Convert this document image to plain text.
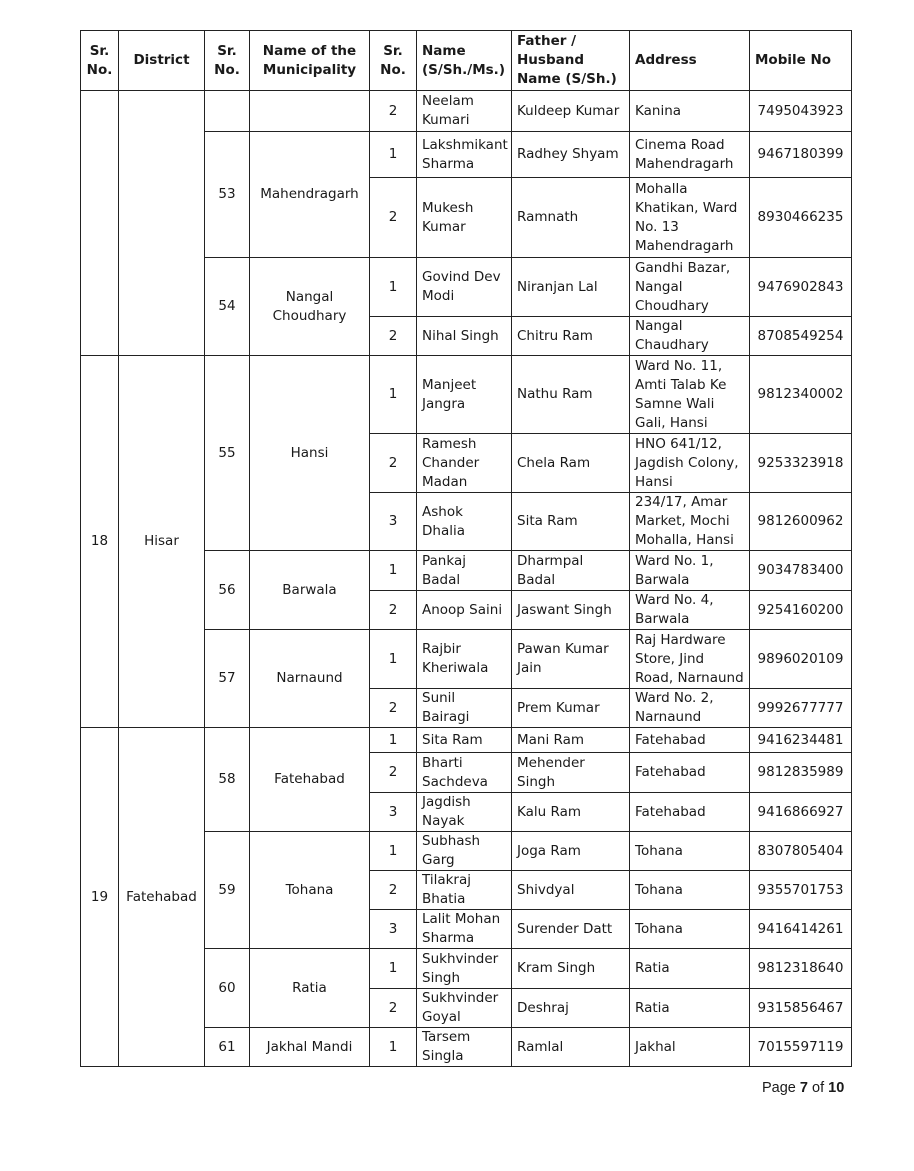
Sr. No.	District	Sr. No.	Name of the Municipality	Sr. No.	Name (S/Sh./Ms.)	Father / Husband Name (S/Sh.)	Address	Mobile No
				2	Neelam Kumari	Kuldeep Kumar	Kanina	7495043923
		53	Mahendragarh	1	Lakshmikant Sharma	Radhey Shyam	Cinema Road Mahendragarh	9467180399
				2	Mukesh Kumar	Ramnath	Mohalla Khatikan, Ward No. 13 Mahendragarh	8930466235
		54	Nangal Choudhary	1	Govind Dev Modi	Niranjan Lal	Gandhi Bazar, Nangal Choudhary	9476902843
				2	Nihal Singh	Chitru Ram	Nangal Chaudhary	8708549254
18	Hisar	55	Hansi	1	Manjeet Jangra	Nathu Ram	Ward No. 11, Amti Talab Ke Samne Wali Gali, Hansi	9812340002
				2	Ramesh Chander Madan	Chela Ram	HNO 641/12, Jagdish Colony, Hansi	9253323918
				3	Ashok Dhalia	Sita Ram	234/17, Amar Market, Mochi Mohalla, Hansi	9812600962
		56	Barwala	1	Pankaj Badal	Dharmpal Badal	Ward No. 1, Barwala	9034783400
				2	Anoop Saini	Jaswant Singh	Ward No. 4, Barwala	9254160200
		57	Narnaund	1	Rajbir Kheriwala	Pawan Kumar Jain	Raj Hardware Store, Jind Road, Narnaund	9896020109
				2	Sunil Bairagi	Prem Kumar	Ward No. 2, Narnaund	9992677777
19	Fatehabad	58	Fatehabad	1	Sita Ram	Mani Ram	Fatehabad	9416234481
				2	Bharti Sachdeva	Mehender Singh	Fatehabad	9812835989
				3	Jagdish Nayak	Kalu Ram	Fatehabad	9416866927
		59	Tohana	1	Subhash Garg	Joga Ram	Tohana	8307805404
				2	Tilakraj Bhatia	Shivdyal	Tohana	9355701753
				3	Lalit Mohan Sharma	Surender Datt	Tohana	9416414261
		60	Ratia	1	Sukhvinder Singh	Kram Singh	Ratia	9812318640
				2	Sukhvinder Goyal	Deshraj	Ratia	9315856467
		61	Jakhal Mandi	1	Tarsem Singla	Ramlal	Jakhal	7015597119
Page 7 of 10
